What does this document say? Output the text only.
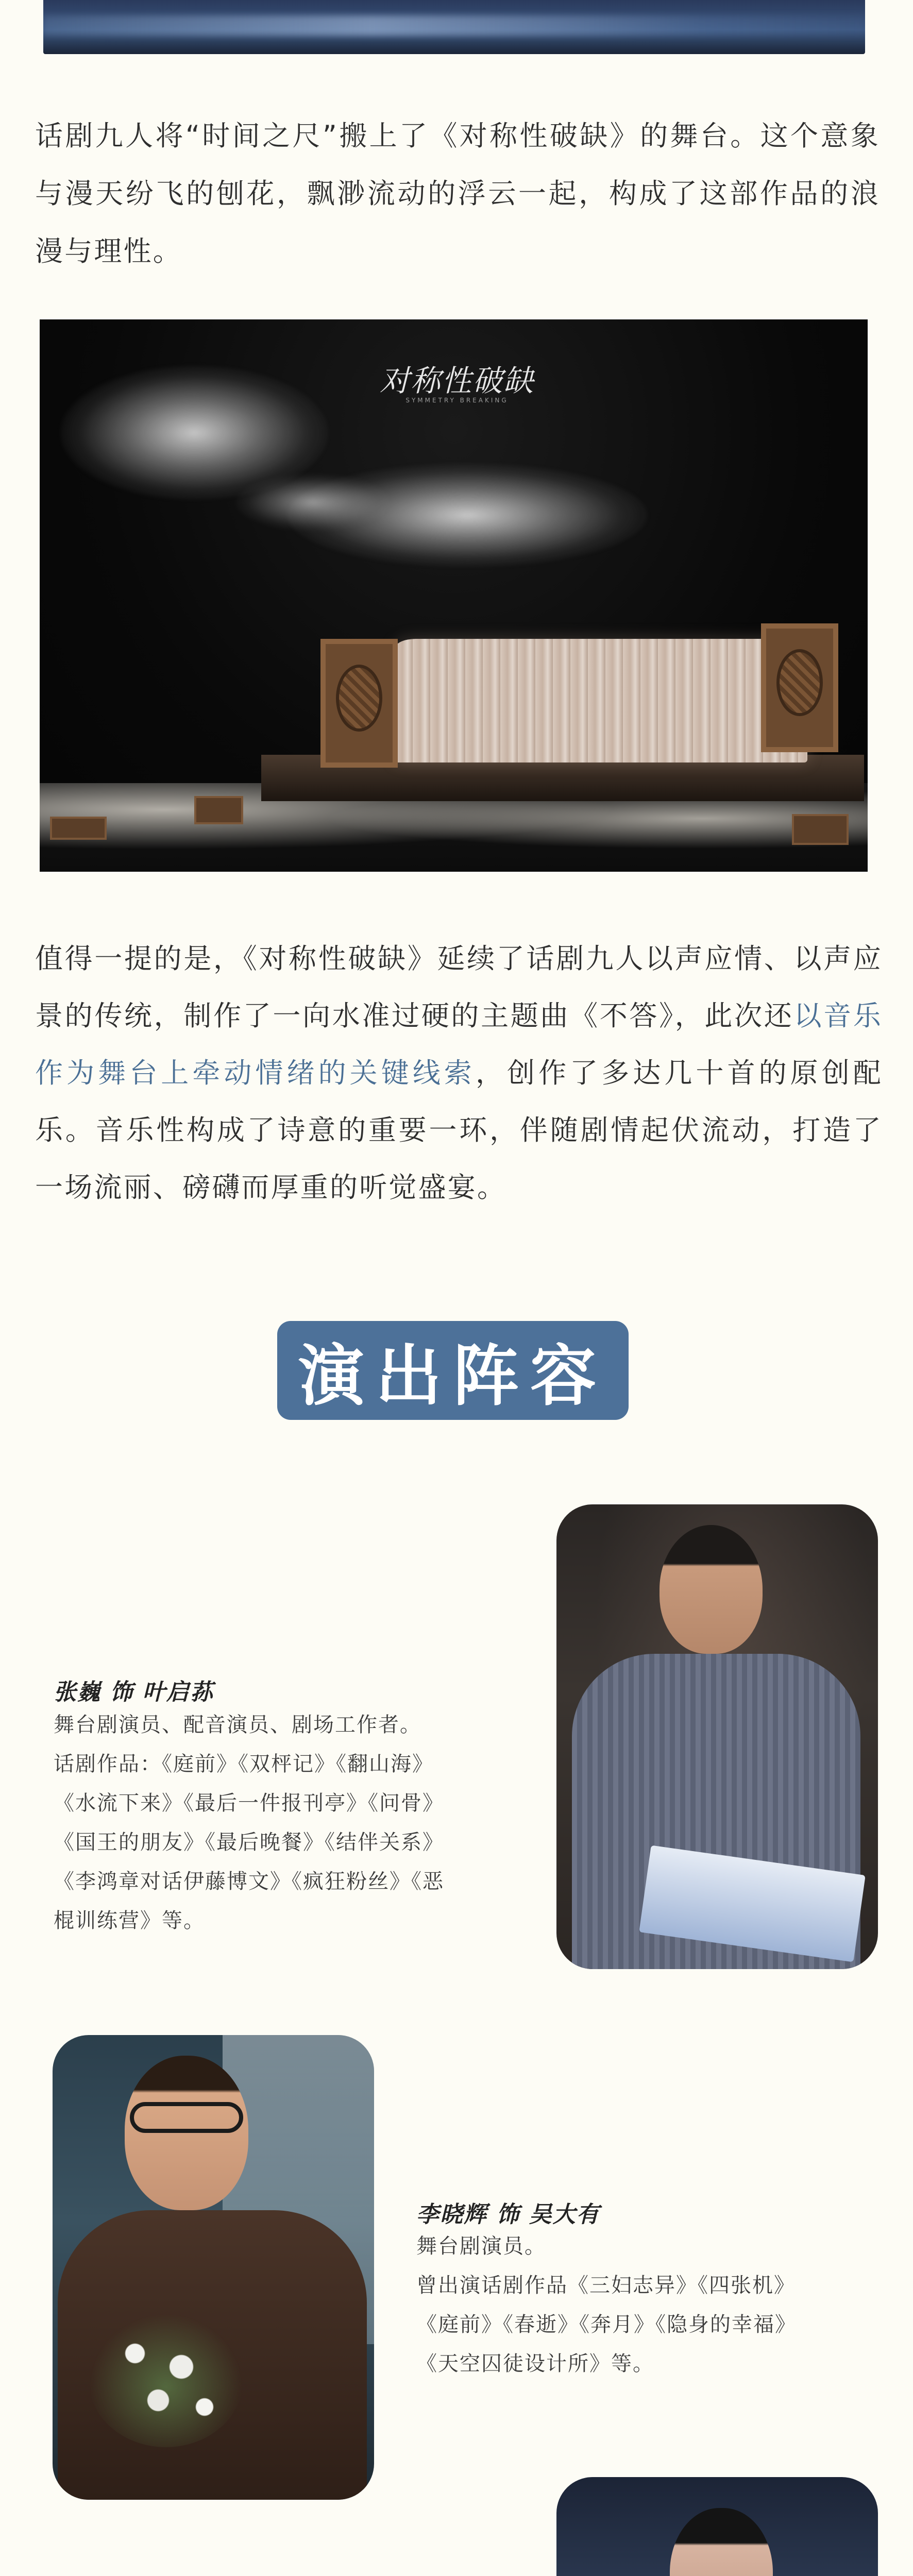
话剧九人将“时间之尺”搬上了《对称性破缺》的舞台。这个意象与漫天纷飞的刨花，飘渺流动的浮云一起，构成了这部作品的浪漫与理性。

对称性破缺
SYMMETRY BREAKING

值得一提的是，《对称性破缺》延续了话剧九人以声应情、以声应景的传统，制作了一向水准过硬的主题曲《不答》，此次还以音乐作为舞台上牵动情绪的关键线索，创作了多达几十首的原创配乐。音乐性构成了诗意的重要一环，伴随剧情起伏流动，打造了一场流丽、磅礴而厚重的听觉盛宴。

演出阵容
张巍 饰 叶启荪
舞台剧演员、配音演员、剧场工作者。
话剧作品：《庭前》《双枰记》《翻山海》
《水流下来》《最后一件报刊亭》《问骨》
《国王的朋友》《最后晚餐》《结伴关系》
《李鸿章对话伊藤博文》《疯狂粉丝》《恶
棍训练营》等。
李晓辉 饰 吴大有
舞台剧演员。
曾出演话剧作品《三妇志异》《四张机》
《庭前》《春逝》《奔月》《隐身的幸福》
《天空囚徒设计所》等。
